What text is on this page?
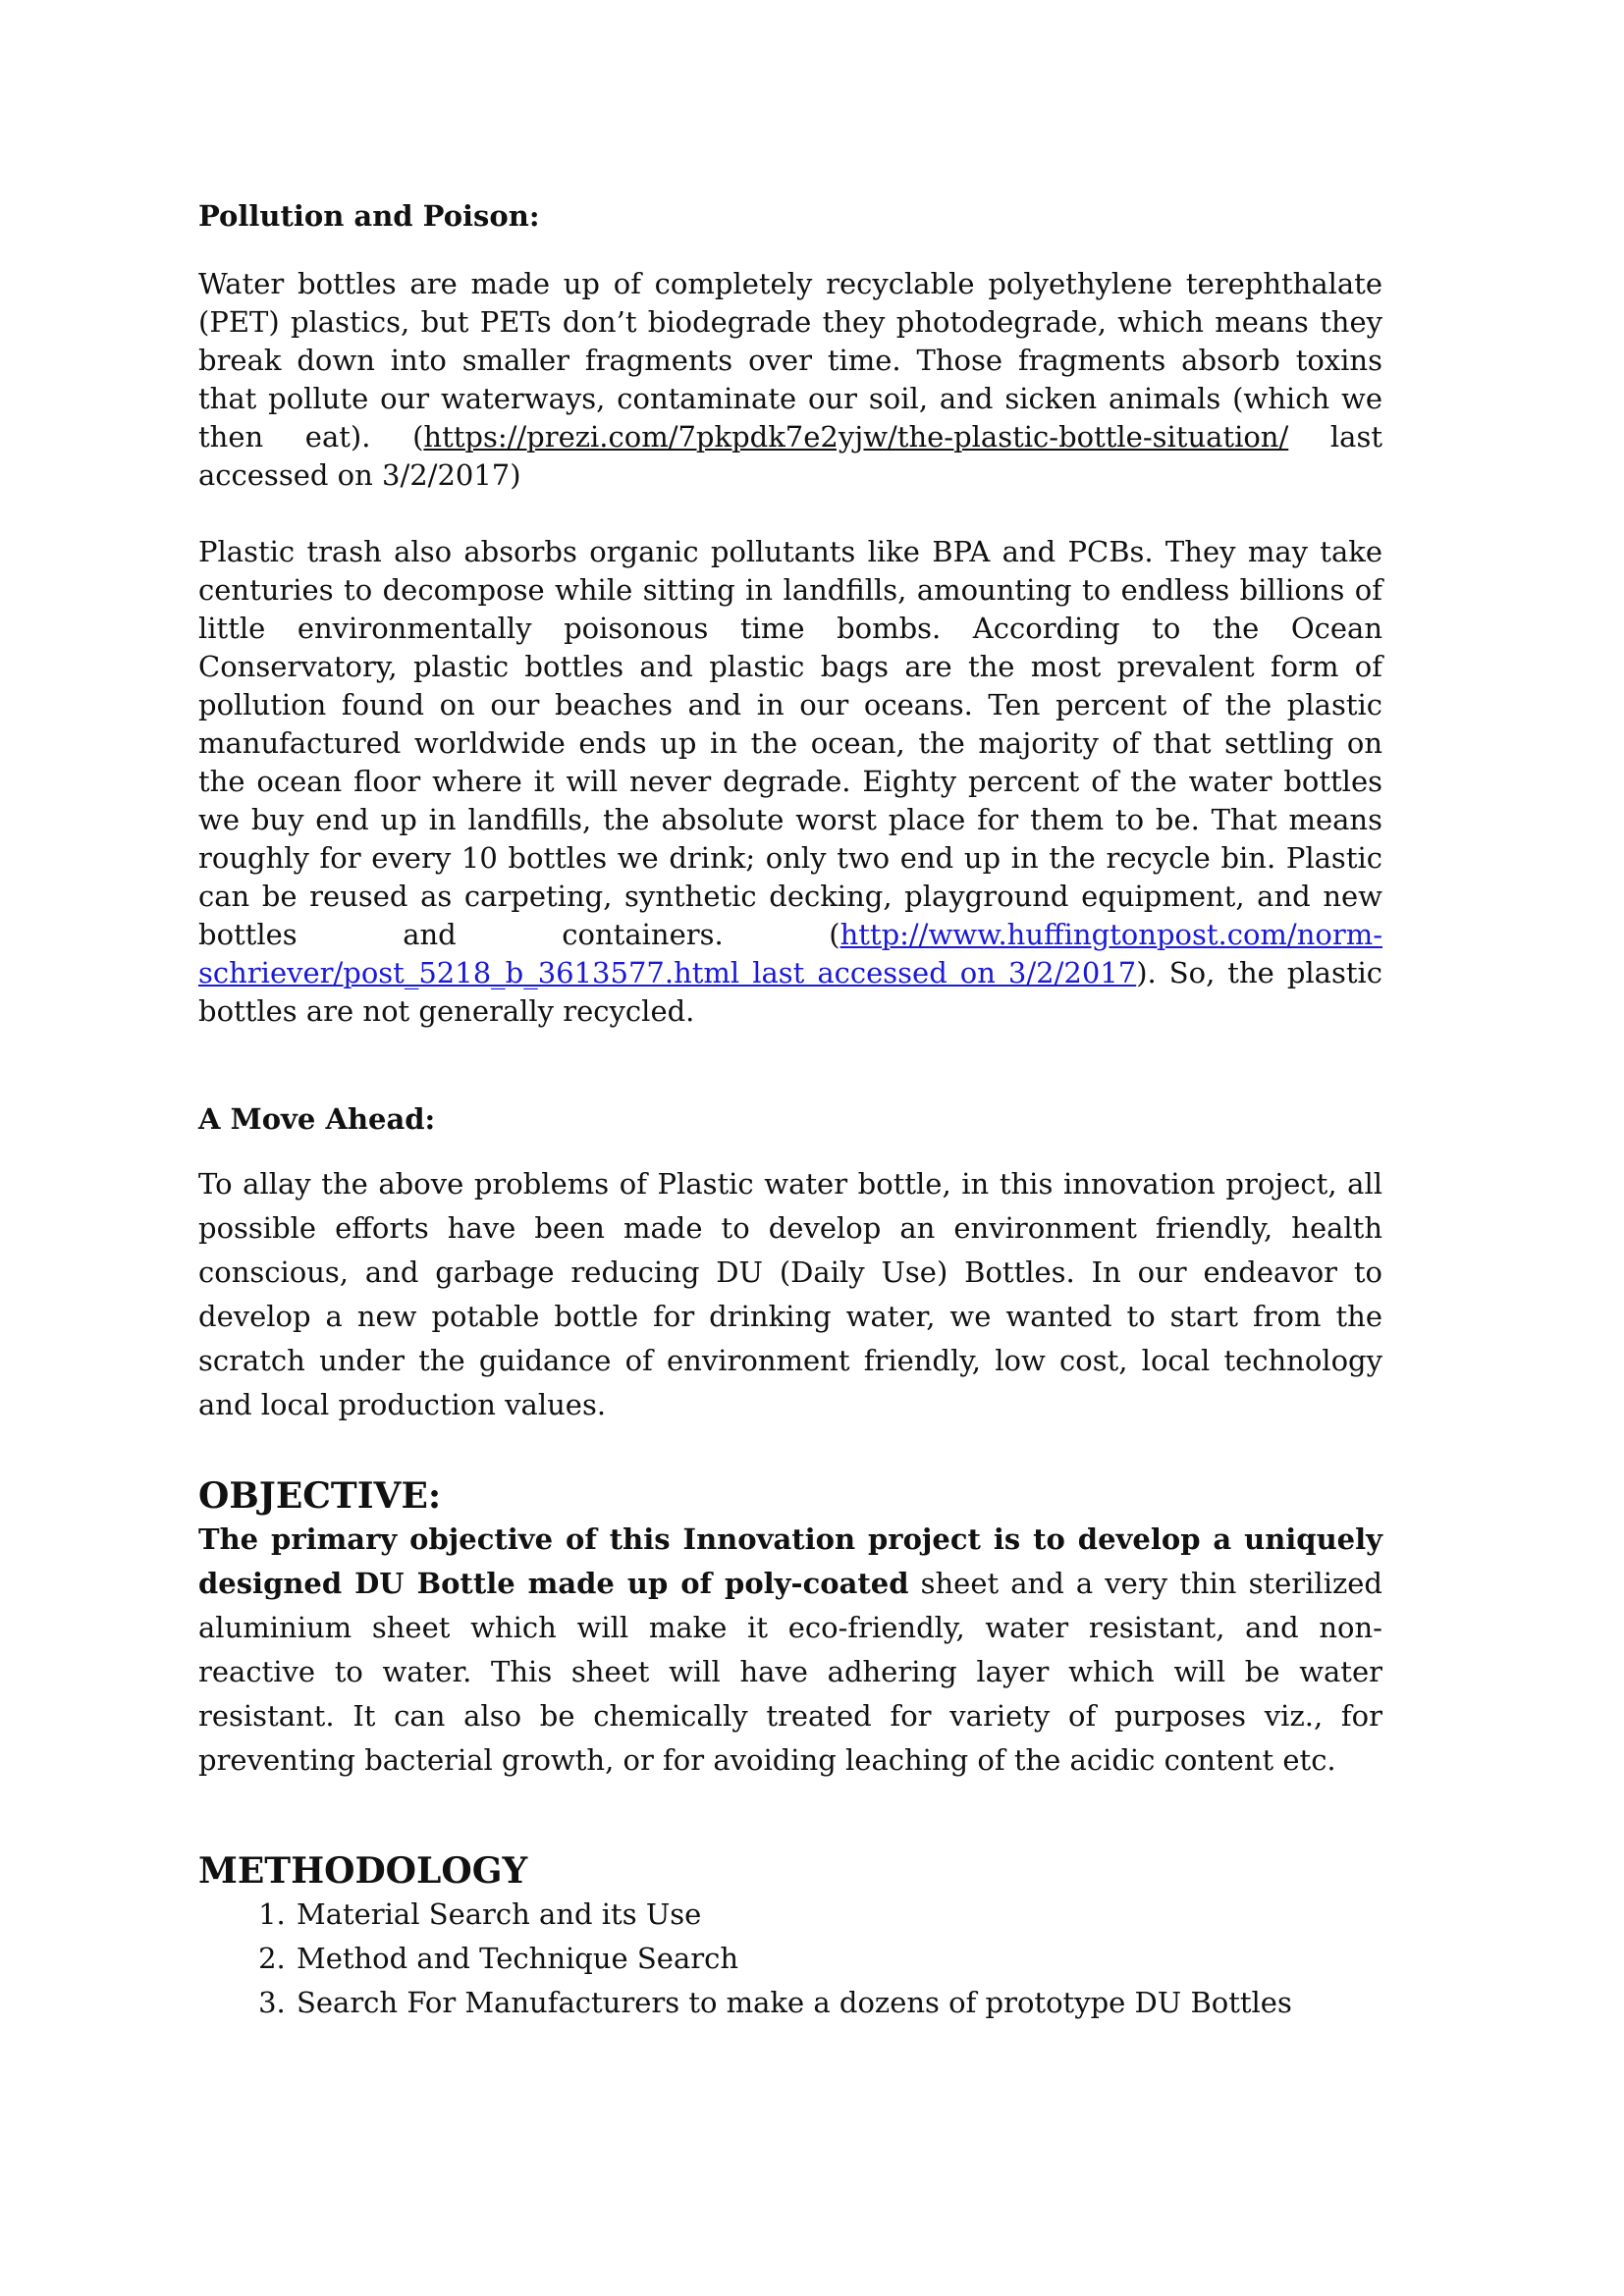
Pollution and Poison:

Water bottles are made up of completely recyclable polyethylene terephthalate (PET) plastics, but PETs don’t biodegrade they photodegrade, which means they break down into smaller fragments over time. Those fragments absorb toxins that pollute our waterways, contaminate our soil, and sicken animals (which we then eat). (https://prezi.com/7pkpdk7e2yjw/the-plastic-bottle-situation/ last accessed on 3/2/2017)

Plastic trash also absorbs organic pollutants like BPA and PCBs. They may take centuries to decompose while sitting in landfills, amounting to endless billions of little environmentally poisonous time bombs. According to the Ocean Conservatory, plastic bottles and plastic bags are the most prevalent form of pollution found on our beaches and in our oceans. Ten percent of the plastic manufactured worldwide ends up in the ocean, the majority of that settling on the ocean floor where it will never degrade. Eighty percent of the water bottles we buy end up in landfills, the absolute worst place for them to be. That means roughly for every 10 bottles we drink; only two end up in the recycle bin. Plastic can be reused as carpeting, synthetic decking, playground equipment, and new bottles and containers. (http://www.huffingtonpost.com/norm-schriever/post_5218_b_3613577.html last accessed on 3/2/2017). So, the plastic bottles are not generally recycled.

A Move Ahead:

To allay the above problems of Plastic water bottle, in this innovation project, all possible efforts have been made to develop an environment friendly, health conscious, and garbage reducing DU (Daily Use) Bottles. In our endeavor to develop a new potable bottle for drinking water, we wanted to start from the scratch under the guidance of environment friendly, low cost, local technology and local production values.

OBJECTIVE:

The primary objective of this Innovation project is to develop a uniquely designed DU Bottle made up of poly-coated sheet and a very thin sterilized aluminium sheet which will make it eco-friendly, water resistant, and non-reactive to water. This sheet will have adhering layer which will be water resistant. It can also be chemically treated for variety of purposes viz., for preventing bacterial growth, or for avoiding leaching of the acidic content etc.

METHODOLOGY
1. Material Search and its Use
2. Method and Technique Search
3. Search For Manufacturers to make a dozens of prototype DU Bottles
